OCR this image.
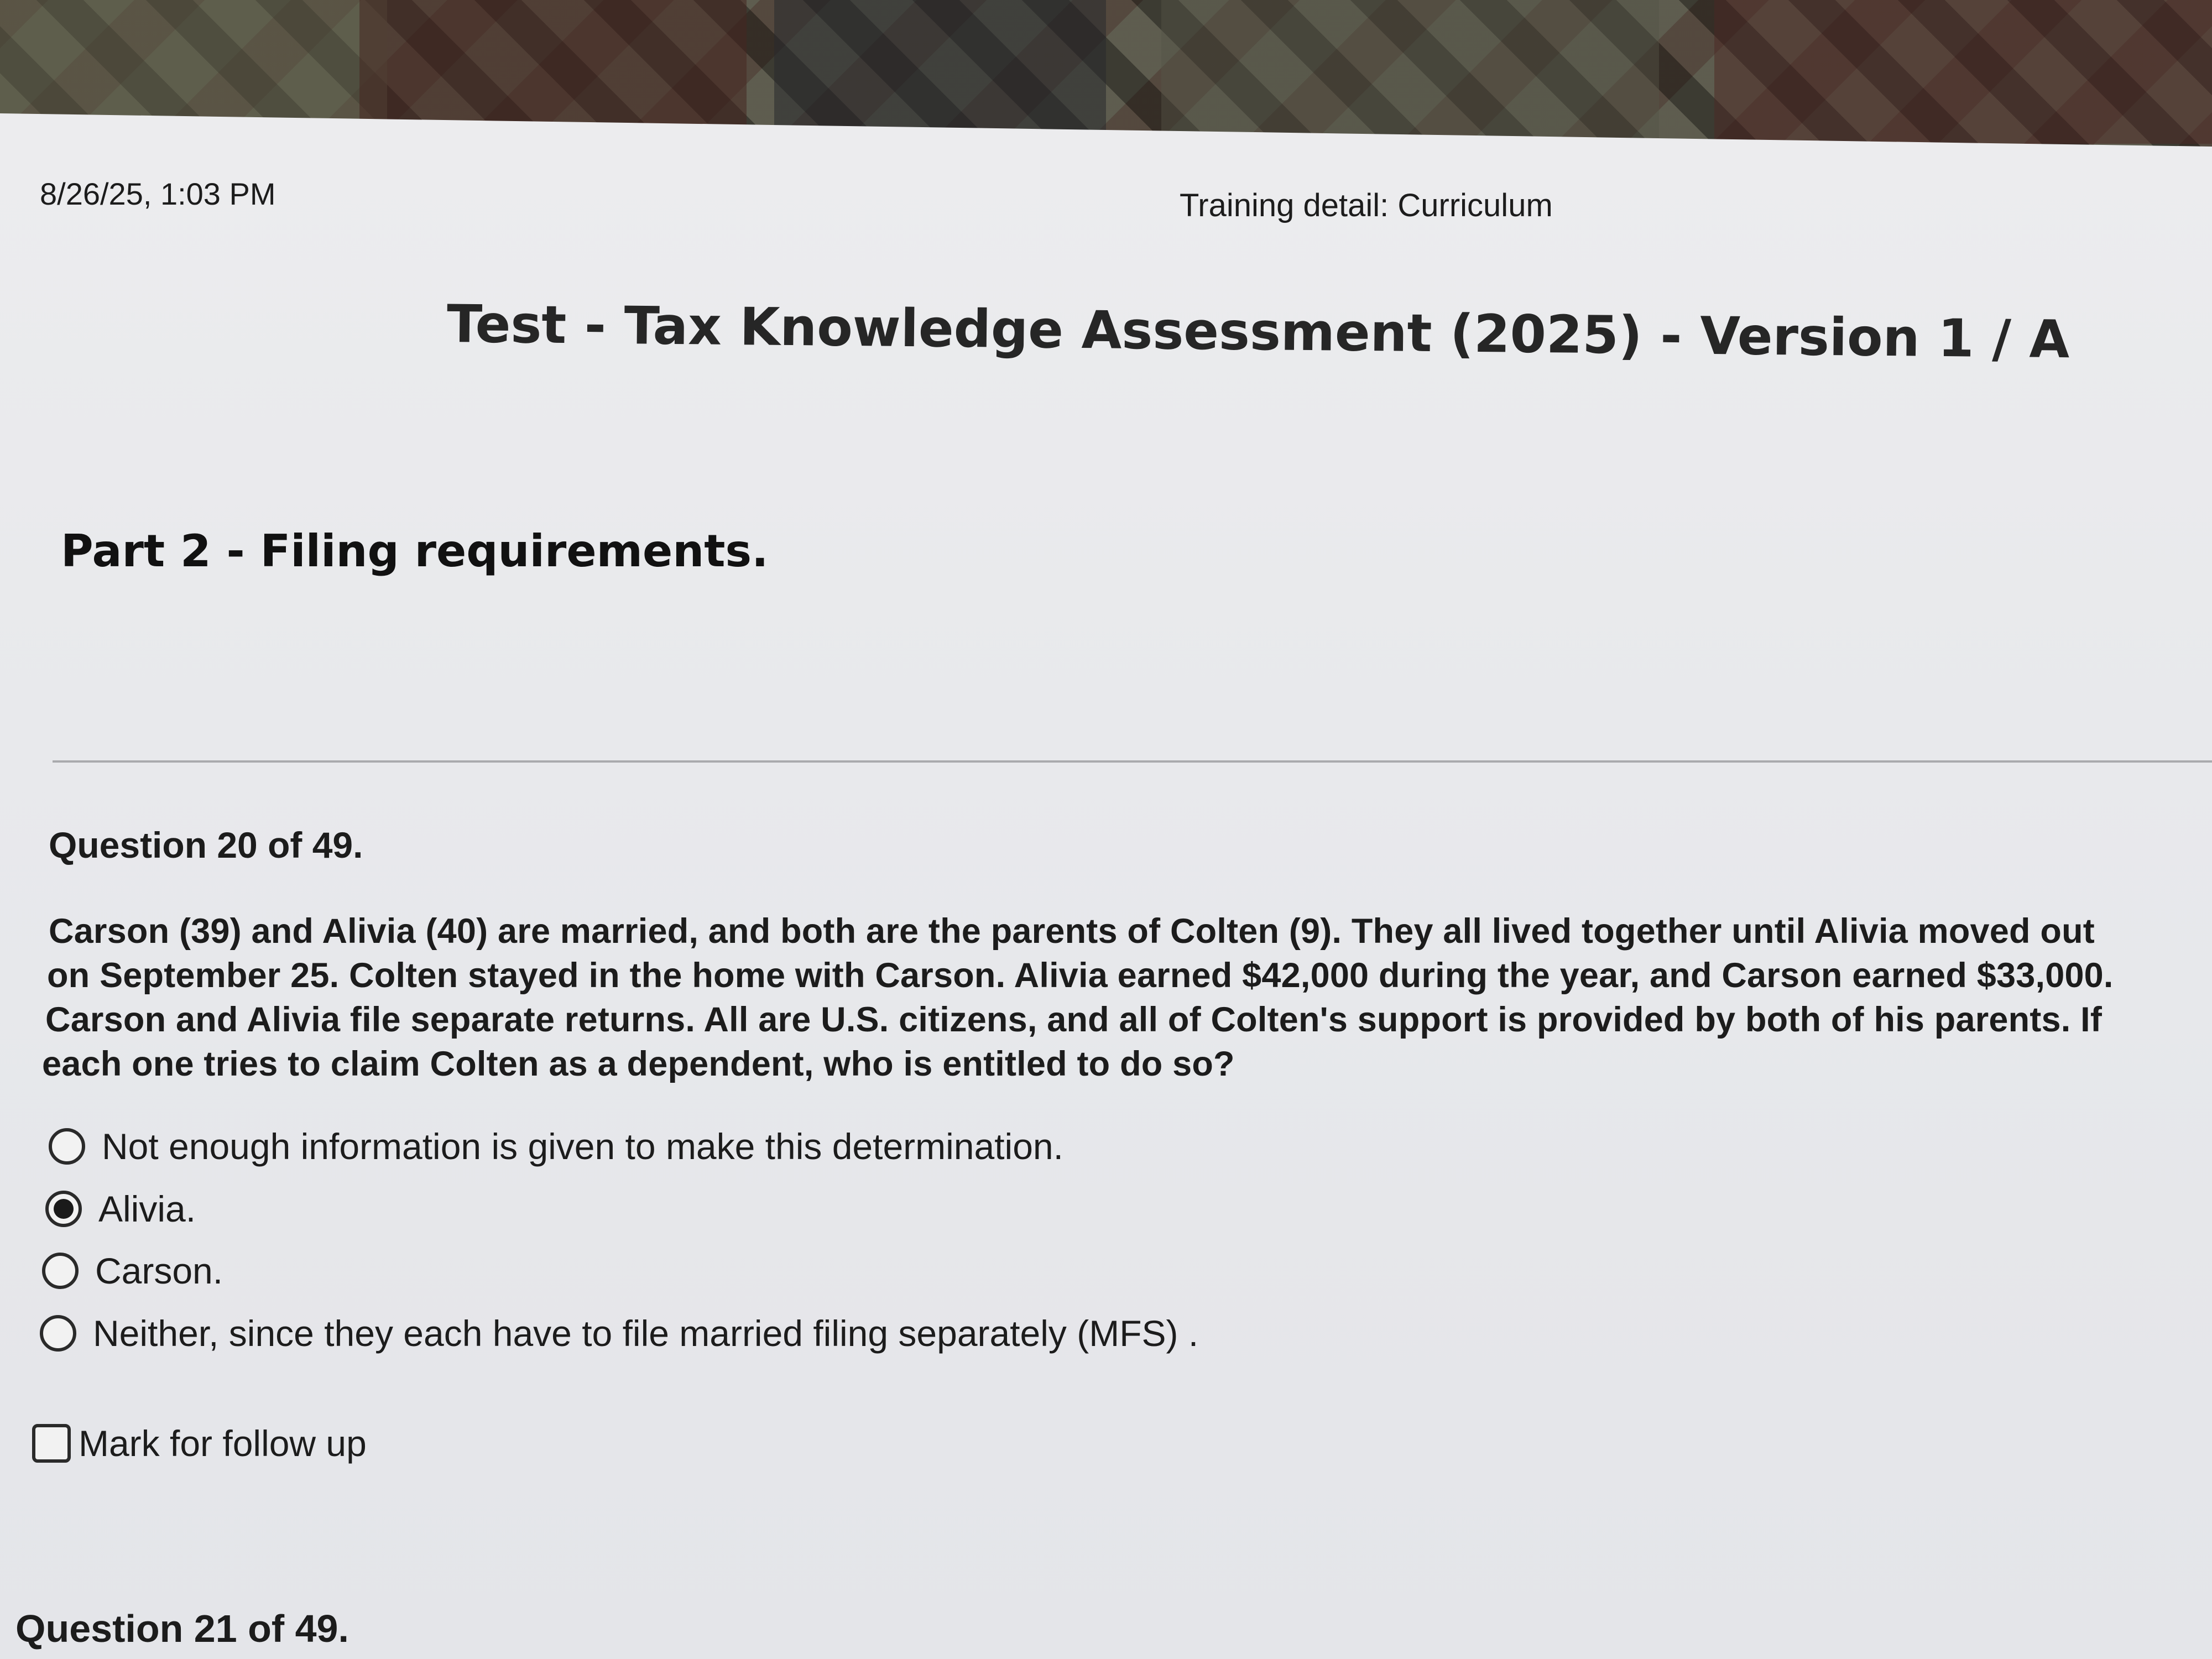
8/26/25, 1:03 PM	Training detail: Curriculum
Test - Tax Knowledge Assessment (2025) - Version 1 / A
Part 2 - Filing requirements.
Question 20 of 49.
Carson (39) and Alivia (40) are married, and both are the parents of Colten (9). They all lived together until Alivia moved out
on September 25. Colten stayed in the home with Carson. Alivia earned $42,000 during the year, and Carson earned $33,000.
Carson and Alivia file separate returns. All are U.S. citizens, and all of Colten's support is provided by both of his parents. If
each one tries to claim Colten as a dependent, who is entitled to do so?
Not enough information is given to make this determination.
Alivia.
Carson.
Neither, since they each have to file married filing separately (MFS) .
Mark for follow up
Question 21 of 49.
